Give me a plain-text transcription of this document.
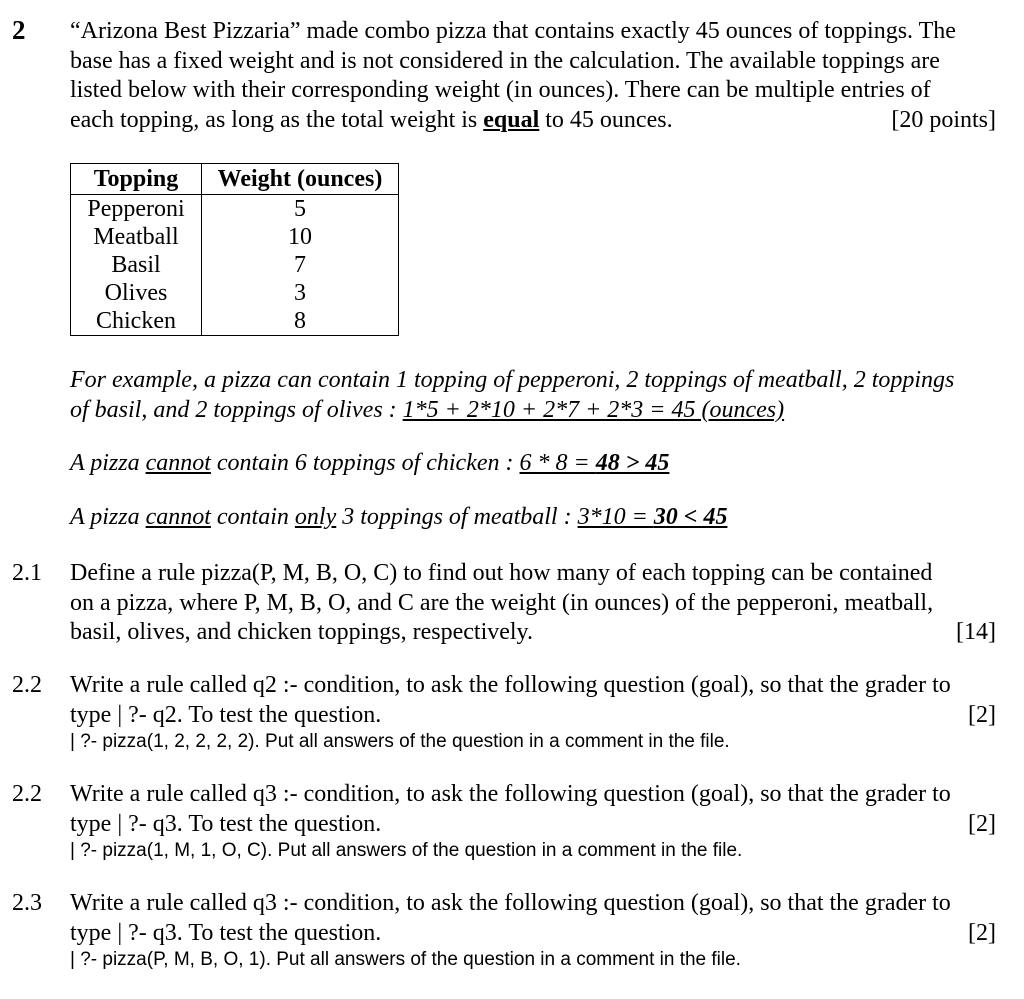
2 “Arizona Best Pizzaria” made combo pizza that contains exactly 45 ounces of toppings. The
base has a fixed weight and is not considered in the calculation. The available toppings are
listed below with their corresponding weight (in ounces). There can be multiple entries of
each topping, as long as the total weight is equal to 45 ounces.	[20 points]
Topping	Weight (ounces)
Pepperoni	5
Meatball	10
Basil	7
Olives	3
Chicken	8
For example, a pizza can contain 1 topping of pepperoni, 2 toppings of meatball, 2 toppings
of basil, and 2 toppings of olives : 1*5 + 2*10 + 2*7 + 2*3 = 45 (ounces)
A pizza cannot contain 6 toppings of chicken : 6 * 8 = 48 > 45
A pizza cannot contain only 3 toppings of meatball : 3*10 = 30 < 45
2.1 Define a rule pizza(P, M, B, O, C) to find out how many of each topping can be contained
on a pizza, where P, M, B, O, and C are the weight (in ounces) of the pepperoni, meatball,
basil, olives, and chicken toppings, respectively.	[14]
2.2 Write a rule called q2 :- condition, to ask the following question (goal), so that the grader to
type | ?- q2. To test the question.	[2]
| ?- pizza(1, 2, 2, 2, 2). Put all answers of the question in a comment in the file.
2.2 Write a rule called q3 :- condition, to ask the following question (goal), so that the grader to
type | ?- q3. To test the question.	[2]
| ?- pizza(1, M, 1, O, C). Put all answers of the question in a comment in the file.
2.3 Write a rule called q3 :- condition, to ask the following question (goal), so that the grader to
type | ?- q3. To test the question.	[2]
| ?- pizza(P, M, B, O, 1). Put all answers of the question in a comment in the file.
